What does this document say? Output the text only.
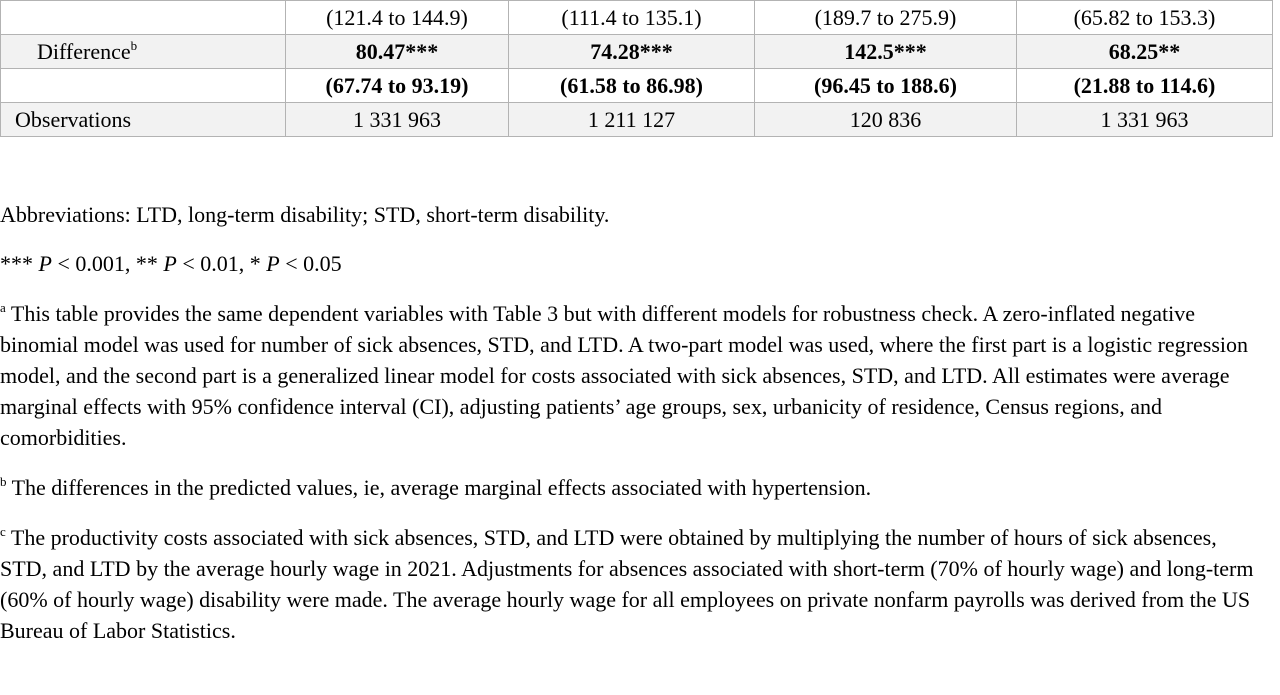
	(121.4 to 144.9)	(111.4 to 135.1)	(189.7 to 275.9)	(65.82 to 153.3)
Difference$^b$	80.47***	74.28***	142.5***	68.25**
	(67.74 to 93.19)	(61.58 to 86.98)	(96.45 to 188.6)	(21.88 to 114.6)
Observations	1 331 963	1 211 127	120 836	1 331 963

Abbreviations: LTD, long-term disability; STD, short-term disability.

*** P < 0.001, ** P < 0.01, * P < 0.05

$^a$ This table provides the same dependent variables with Table 3 but with different models for robustness check. A zero-inflated negative binomial model was used for number of sick absences, STD, and LTD. A two-part model was used, where the first part is a logistic regression model, and the second part is a generalized linear model for costs associated with sick absences, STD, and LTD. All estimates were average marginal effects with 95% confidence interval (CI), adjusting patients’ age groups, sex, urbanicity of residence, Census regions, and comorbidities.

$^b$ The differences in the predicted values, ie, average marginal effects associated with hypertension.

$^c$ The productivity costs associated with sick absences, STD, and LTD were obtained by multiplying the number of hours of sick absences, STD, and LTD by the average hourly wage in 2021. Adjustments for absences associated with short-term (70% of hourly wage) and long-term (60% of hourly wage) disability were made. The average hourly wage for all employees on private nonfarm payrolls was derived from the US Bureau of Labor Statistics.
